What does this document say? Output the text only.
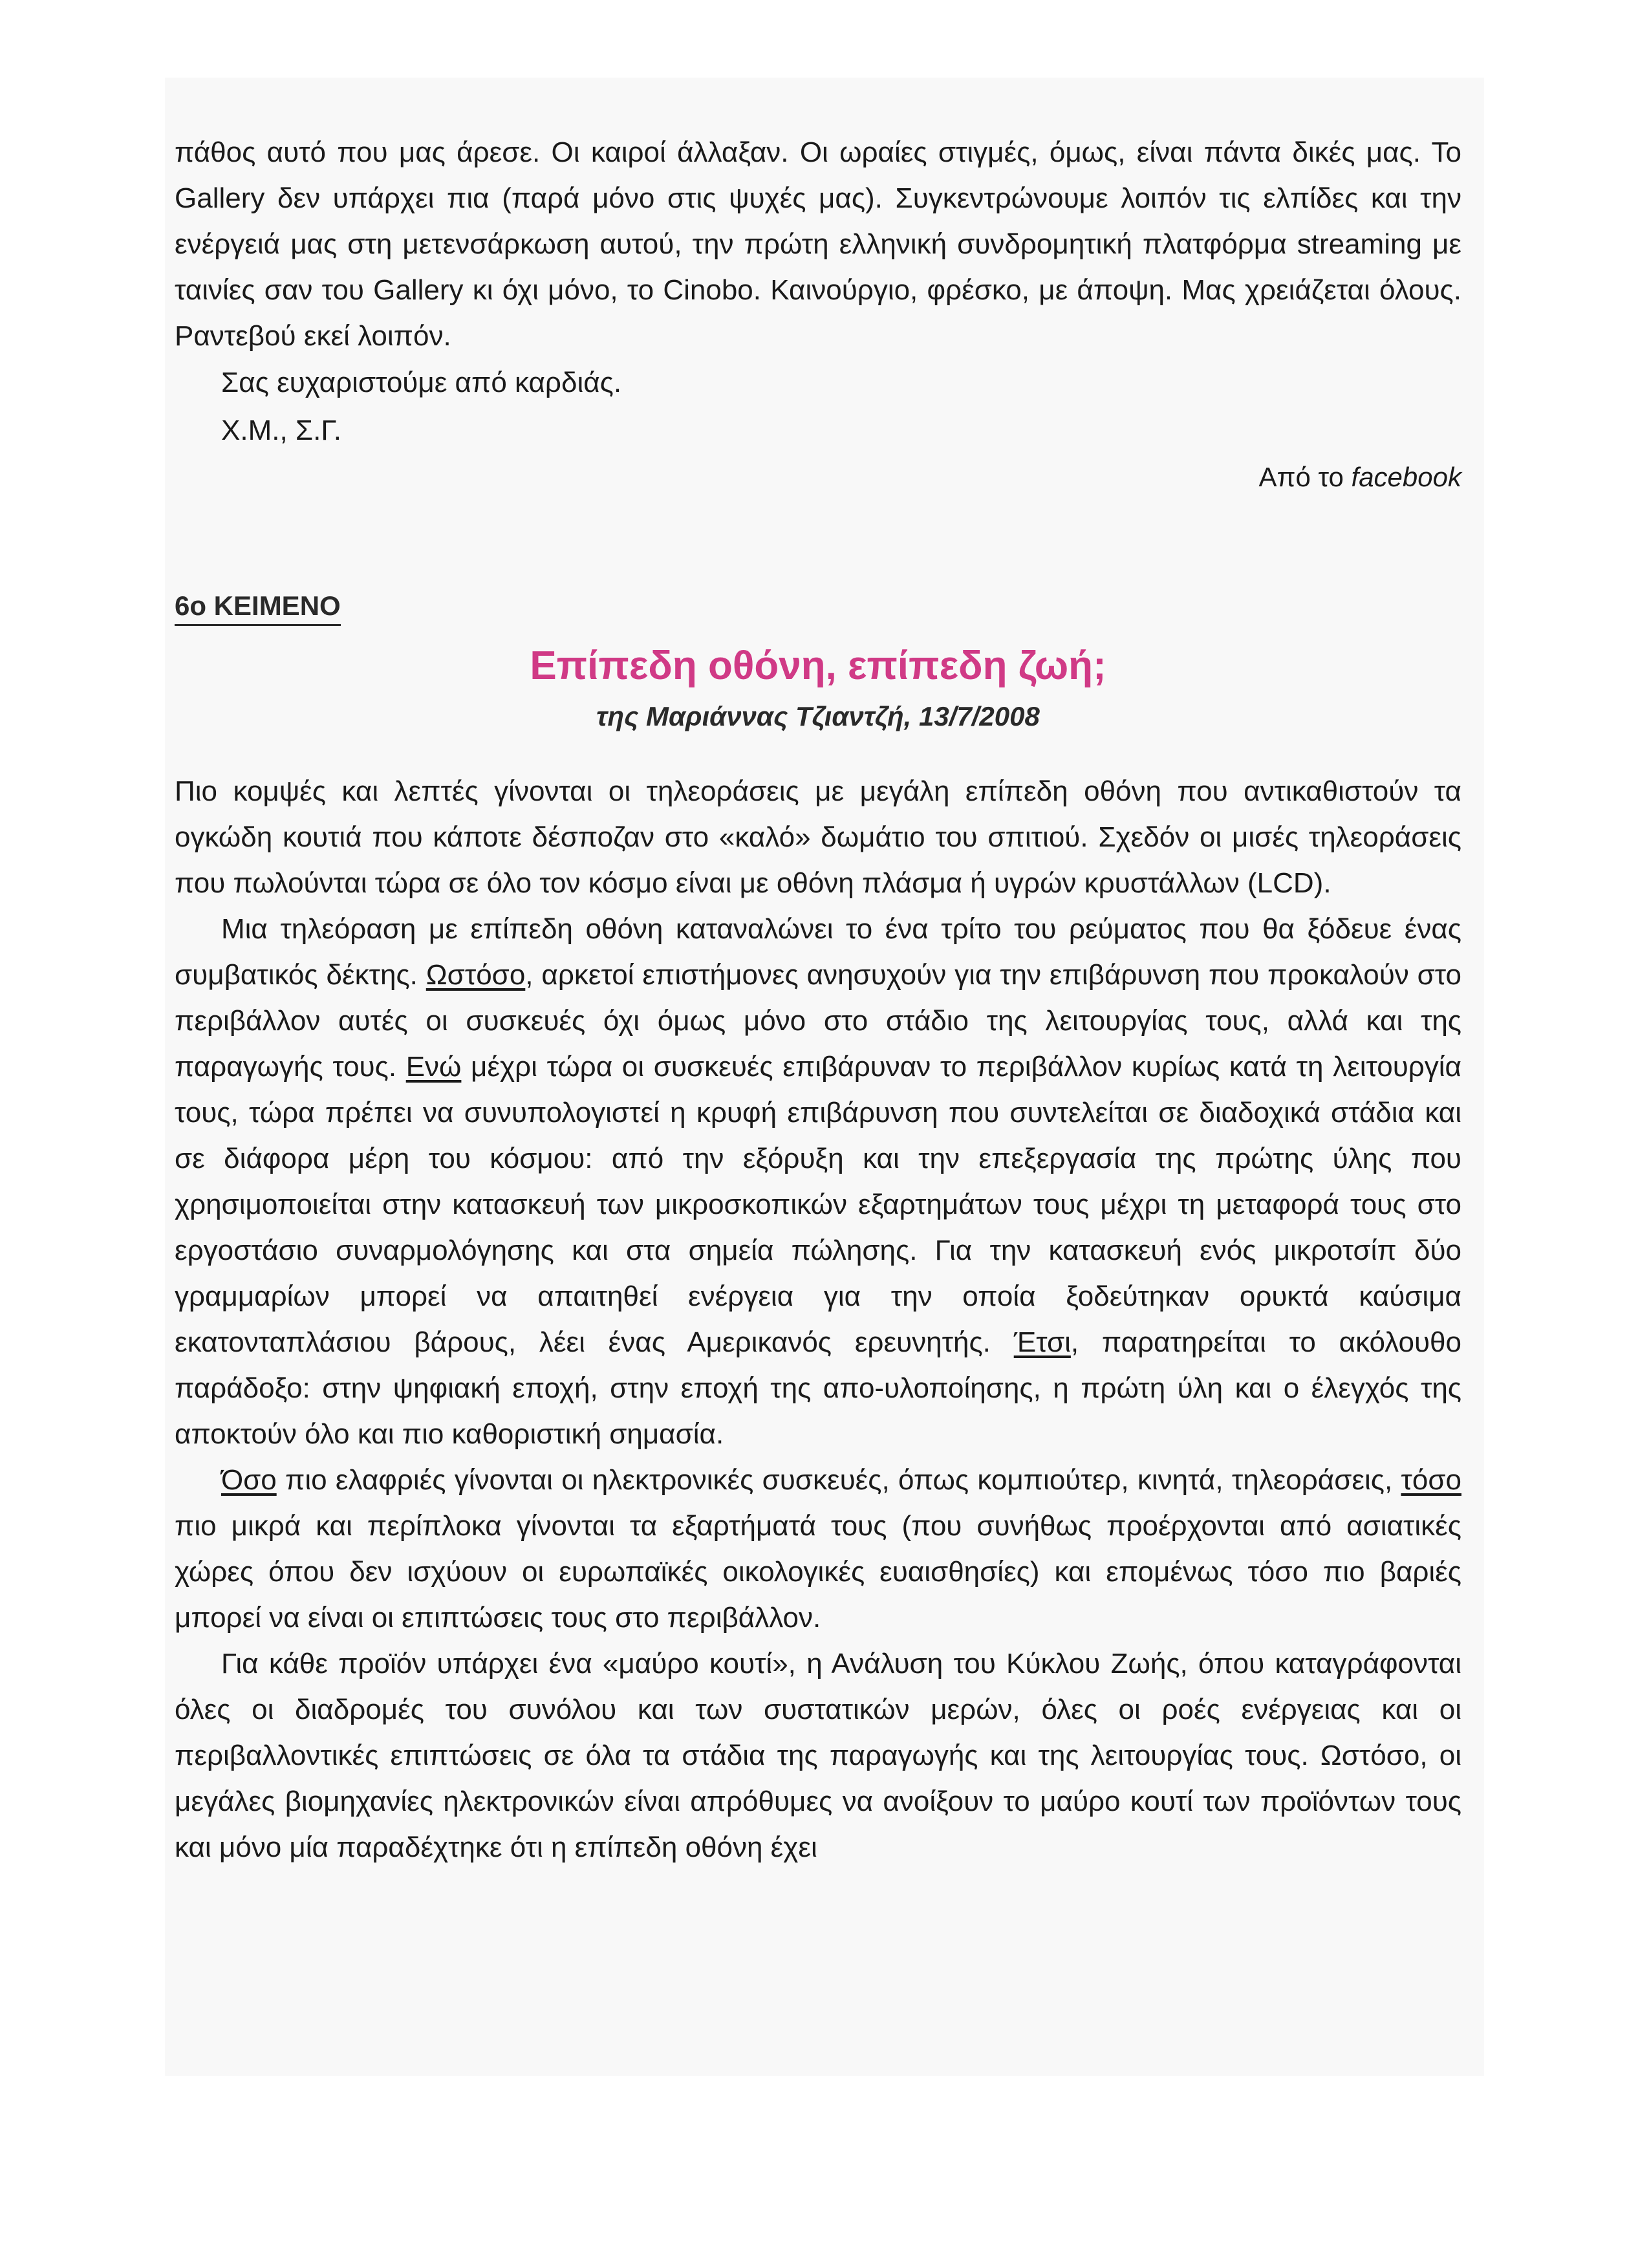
πάθος αυτό που μας άρεσε. Οι καιροί άλλαξαν. Οι ωραίες στιγμές, όμως, είναι πάντα δικές μας. Το Gallery δεν υπάρχει πια (παρά μόνο στις ψυχές μας). Συγκεντρώνουμε λοιπόν τις ελπίδες και την ενέργειά μας στη μετενσάρκωση αυτού, την πρώτη ελληνική συνδρομητική πλατφόρμα streaming με ταινίες σαν του Gallery κι όχι μόνο, το Cinobo. Καινούργιο, φρέσκο, με άποψη. Μας χρειάζεται όλους. Ραντεβού εκεί λοιπόν.

Σας ευχαριστούμε από καρδιάς.

Χ.Μ., Σ.Γ.

Από το facebook

6ο ΚΕΙΜΕΝΟ
Επίπεδη οθόνη, επίπεδη ζωή;

της Μαριάννας Τζιαντζή, 13/7/2008

Πιο κομψές και λεπτές γίνονται οι τηλεοράσεις με μεγάλη επίπεδη οθόνη που αντικαθιστούν τα ογκώδη κουτιά που κάποτε δέσποζαν στο «καλό» δωμάτιο του σπιτιού. Σχεδόν οι μισές τηλεοράσεις που πωλούνται τώρα σε όλο τον κόσμο είναι με οθόνη πλάσμα ή υγρών κρυστάλλων (LCD).

Μια τηλεόραση με επίπεδη οθόνη καταναλώνει το ένα τρίτο του ρεύματος που θα ξόδευε ένας συμβατικός δέκτης. Ωστόσο, αρκετοί επιστήμονες ανησυχούν για την επιβάρυνση που προκαλούν στο περιβάλλον αυτές οι συσκευές όχι όμως μόνο στο στάδιο της λειτουργίας τους, αλλά και της παραγωγής τους. Ενώ μέχρι τώρα οι συσκευές επιβάρυναν το περιβάλλον κυρίως κατά τη λειτουργία τους, τώρα πρέπει να συνυπολογιστεί η κρυφή επιβάρυνση που συντελείται σε διαδοχικά στάδια και σε διάφορα μέρη του κόσμου: από την εξόρυξη και την επεξεργασία της πρώτης ύλης που χρησιμοποιείται στην κατασκευή των μικροσκοπικών εξαρτημάτων τους μέχρι τη μεταφορά τους στο εργοστάσιο συναρμολόγησης και στα σημεία πώλησης. Για την κατασκευή ενός μικροτσίπ δύο γραμμαρίων μπορεί να απαιτηθεί ενέργεια για την οποία ξοδεύτηκαν ορυκτά καύσιμα εκατονταπλάσιου βάρους, λέει ένας Αμερικανός ερευνητής. Έτσι, παρατηρείται το ακόλουθο παράδοξο: στην ψηφιακή εποχή, στην εποχή της απο-υλοποίησης, η πρώτη ύλη και ο έλεγχός της αποκτούν όλο και πιο καθοριστική σημασία.

Όσο πιο ελαφριές γίνονται οι ηλεκτρονικές συσκευές, όπως κομπιούτερ, κινητά, τηλεοράσεις, τόσο πιο μικρά και περίπλοκα γίνονται τα εξαρτήματά τους (που συνήθως προέρχονται από ασιατικές χώρες όπου δεν ισχύουν οι ευρωπαϊκές οικολογικές ευαισθησίες) και επομένως τόσο πιο βαριές μπορεί να είναι οι επιπτώσεις τους στο περιβάλλον.

Για κάθε προϊόν υπάρχει ένα «μαύρο κουτί», η Ανάλυση του Κύκλου Ζωής, όπου καταγράφονται όλες οι διαδρομές του συνόλου και των συστατικών μερών, όλες οι ροές ενέργειας και οι περιβαλλοντικές επιπτώσεις σε όλα τα στάδια της παραγωγής και της λειτουργίας τους. Ωστόσο, οι μεγάλες βιομηχανίες ηλεκτρονικών είναι απρόθυμες να ανοίξουν το μαύρο κουτί των προϊόντων τους και μόνο μία παραδέχτηκε ότι η επίπεδη οθόνη έχει
